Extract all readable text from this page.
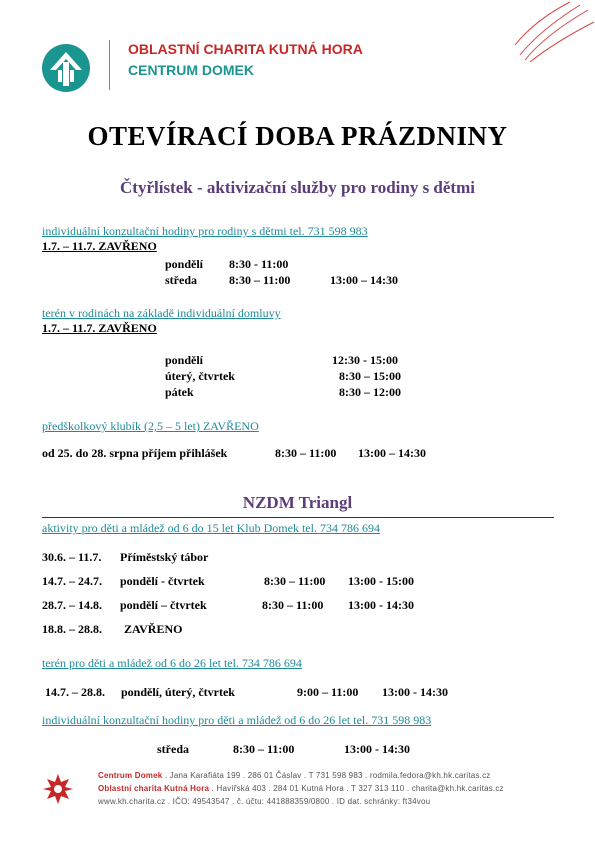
OBLASTNÍ CHARITA KUTNÁ HORA
CENTRUM DOMEK
OTEVÍRACÍ DOBA PRÁZDNINY
Čtyřlístek - aktivizační služby pro rodiny s dětmi
individuální konzultační hodiny pro rodiny s dětmi tel. 731 598 983
1.7. – 11.7. ZAVŘENO
pondělí 8:30 - 11:00
středa	8:30 – 11:00	13:00 – 14:30
terén v rodinách na základě individuální domluvy
1.7. – 11.7. ZAVŘENO
pondělí	12:30 - 15:00
úterý, čtvrtek	8:30 – 15:00
pátek	8:30 – 12:00
předškolkový klubík (2,5 – 5 let) ZAVŘENO
od 25. do 28. srpna příjem přihlášek	8:30 – 11:00 13:00 – 14:30
NZDM Triangl
aktivity pro děti a mládež od 6 do 15 let Klub Domek tel. 734 786 694
30.6. – 11.7. Příměstský tábor
14.7. – 24.7. pondělí - čtvrtek	8:30 – 11:00 13:00 - 15:00
28.7. – 14.8. pondělí – čtvrtek	8:30 – 11:00 13:00 - 14:30
18.8. – 28.8. ZAVŘENO
terén pro děti a mládež od 6 do 26 let tel. 734 786 694
14.7. – 28.8. pondělí, úterý, čtvrtek	9:00 – 11:00 13:00 - 14:30
individuální konzultační hodiny pro děti a mládež od 6 do 26 let tel. 731 598 983
středa	8:30 – 11:00	13:00 - 14:30
Centrum Domek . Jana Karafiáta 199 . 286 01 Čáslav . T 731 598 983 . rodmila.fedora@kh.hk.caritas.cz
Oblastní charita Kutná Hora . Havířská 403 . 284 01 Kutná Hora . T 327 313 110 . charita@kh.hk.caritas.cz
www.kh.charita.cz . IČO: 49543547 . č. účtu: 441888359/0800 . ID dat. schránky: ft34vou
